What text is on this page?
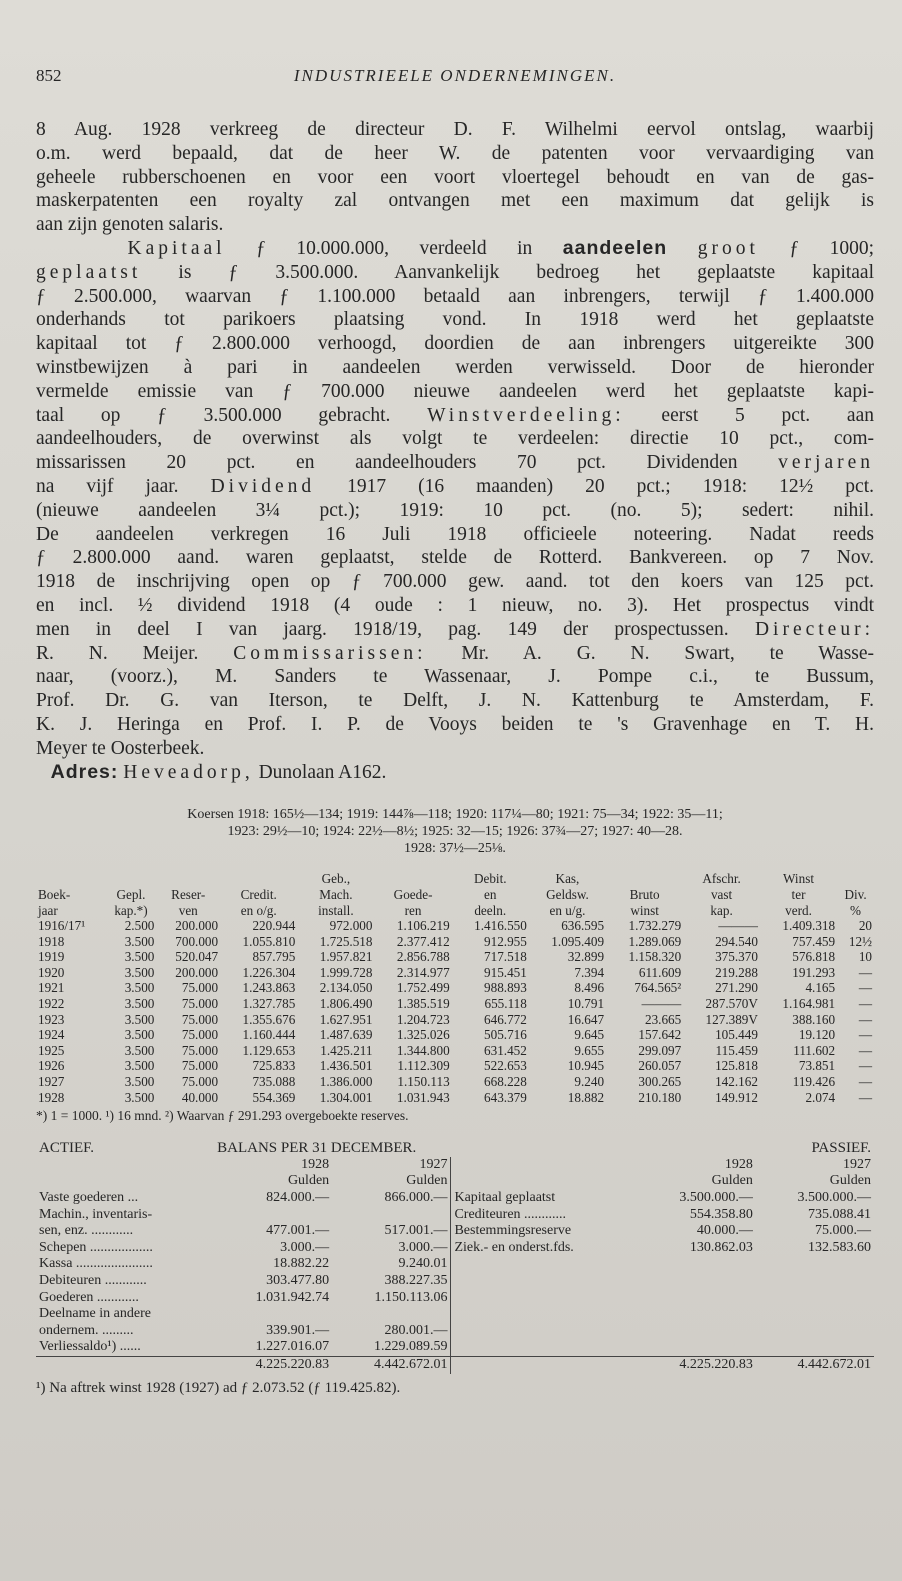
852	INDUSTRIEELE ONDERNEMINGEN.

8 Aug. 1928 verkreeg de directeur D. F. Wilhelmi eervol ontslag, waarbij

o.m. werd bepaald, dat de heer W. de patenten voor vervaardiging van

geheele rubberschoenen en voor een voort vloertegel behoudt en van de gas-

maskerpatenten een royalty zal ontvangen met een maximum dat gelijk is

aan zijn genoten salaris.

Kapitaal ƒ 10.000.000, verdeeld in aandeelen groot ƒ 1000;

geplaatst is ƒ 3.500.000. Aanvankelijk bedroeg het geplaatste kapitaal

ƒ 2.500.000, waarvan ƒ 1.100.000 betaald aan inbrengers, terwijl ƒ 1.400.000

onderhands tot parikoers plaatsing vond. In 1918 werd het geplaatste

kapitaal tot ƒ 2.800.000 verhoogd, doordien de aan inbrengers uitgereikte 300

winstbewijzen à pari in aandeelen werden verwisseld. Door de hieronder

vermelde emissie van ƒ 700.000 nieuwe aandeelen werd het geplaatste kapi-

taal op ƒ 3.500.000 gebracht. Winstverdeeling: eerst 5 pct. aan

aandeelhouders, de overwinst als volgt te verdeelen: directie 10 pct., com-

missarissen 20 pct. en aandeelhouders 70 pct. Dividenden verjaren

na vijf jaar. Dividend 1917 (16 maanden) 20 pct.; 1918: 12½ pct.

(nieuwe aandeelen 3¼ pct.); 1919: 10 pct. (no. 5); sedert: nihil.

De aandeelen verkregen 16 Juli 1918 officieele noteering. Nadat reeds

ƒ 2.800.000 aand. waren geplaatst, stelde de Rotterd. Bankvereen. op 7 Nov.

1918 de inschrijving open op ƒ 700.000 gew. aand. tot den koers van 125 pct.

en incl. ½ dividend 1918 (4 oude : 1 nieuw, no. 3). Het prospectus vindt

men in deel I van jaarg. 1918/19, pag. 149 der prospectussen. Directeur:

R. N. Meijer. Commissarissen: Mr. A. G. N. Swart, te Wasse-

naar, (voorz.), M. Sanders te Wassenaar, J. Pompe c.i., te Bussum,

Prof. Dr. G. van Iterson, te Delft, J. N. Kattenburg te Amsterdam, F.

K. J. Heringa en Prof. I. P. de Vooys beiden te 's Gravenhage en T. H.

Meyer te Oosterbeek.

Adres: Heveadorp, Dunolaan A162.

Koersen 1918: 165½—134; 1919: 144⅞—118; 1920: 117¼—80; 1921: 75—34; 1922: 35—11;
1923: 29½—10; 1924: 22½—8½; 1925: 32—15; 1926: 37¾—27; 1927: 40—28.
1928: 37½—25⅛.
				Geb.,		Debit.	Kas,		Afschr.	Winst	
Boek-	Gepl.	Reser-	Credit.	Mach.	Goede-	en	Geldsw.	Bruto	vast	ter	Div.
jaar	kap.*)	ven	en o/g.	install.	ren	deeln.	en u/g.	winst	kap.	verd.	%
1916/17¹	2.500	200.000	220.944	972.000	1.106.219	1.416.550	636.595	1.732.279	———	1.409.318	20
1918	3.500	700.000	1.055.810	1.725.518	2.377.412	912.955	1.095.409	1.289.069	294.540	757.459	12½
1919	3.500	520.047	857.795	1.957.821	2.856.788	717.518	32.899	1.158.320	375.370	576.818	10
1920	3.500	200.000	1.226.304	1.999.728	2.314.977	915.451	7.394	611.609	219.288	191.293	—
1921	3.500	75.000	1.243.863	2.134.050	1.752.499	988.893	8.496	764.565²	271.290	4.165	—
1922	3.500	75.000	1.327.785	1.806.490	1.385.519	655.118	10.791	———	287.570V	1.164.981	—
1923	3.500	75.000	1.355.676	1.627.951	1.204.723	646.772	16.647	23.665	127.389V	388.160	—
1924	3.500	75.000	1.160.444	1.487.639	1.325.026	505.716	9.645	157.642	105.449	19.120	—
1925	3.500	75.000	1.129.653	1.425.211	1.344.800	631.452	9.655	299.097	115.459	111.602	—
1926	3.500	75.000	725.833	1.436.501	1.112.309	522.653	10.945	260.057	125.818	73.851	—
1927	3.500	75.000	735.088	1.386.000	1.150.113	668.228	9.240	300.265	142.162	119.426	—
1928	3.500	40.000	554.369	1.304.001	1.031.943	643.379	18.882	210.180	149.912	2.074	—
*) 1 = 1000. ¹) 16 mnd. ²) Waarvan ƒ 291.293 overgeboekte reserves.
ACTIEF.	BALANS PER 31 DECEMBER.			PASSIEF.	
	1928	1927		1928	1927
	Gulden	Gulden		Gulden	Gulden
Vaste goederen ...	824.000.—	866.000.—	Kapitaal geplaatst	3.500.000.—	3.500.000.—
Machin., inventaris-			Crediteuren ............	554.358.80	735.088.41
sen, enz. ............	477.001.—	517.001.—	Bestemmingsreserve	40.000.—	75.000.—
Schepen ..................	3.000.—	3.000.—	Ziek.- en onderst.fds.	130.862.03	132.583.60
Kassa ......................	18.882.22	9.240.01			
Debiteuren ............	303.477.80	388.227.35			
Goederen ............	1.031.942.74	1.150.113.06			
Deelname in andere					
ondernem. .........	339.901.—	280.001.—			
Verliessaldo¹) ......	1.227.016.07	1.229.089.59			
	4.225.220.83	4.442.672.01		4.225.220.83	4.442.672.01
¹) Na aftrek winst 1928 (1927) ad ƒ 2.073.52 (ƒ 119.425.82).
